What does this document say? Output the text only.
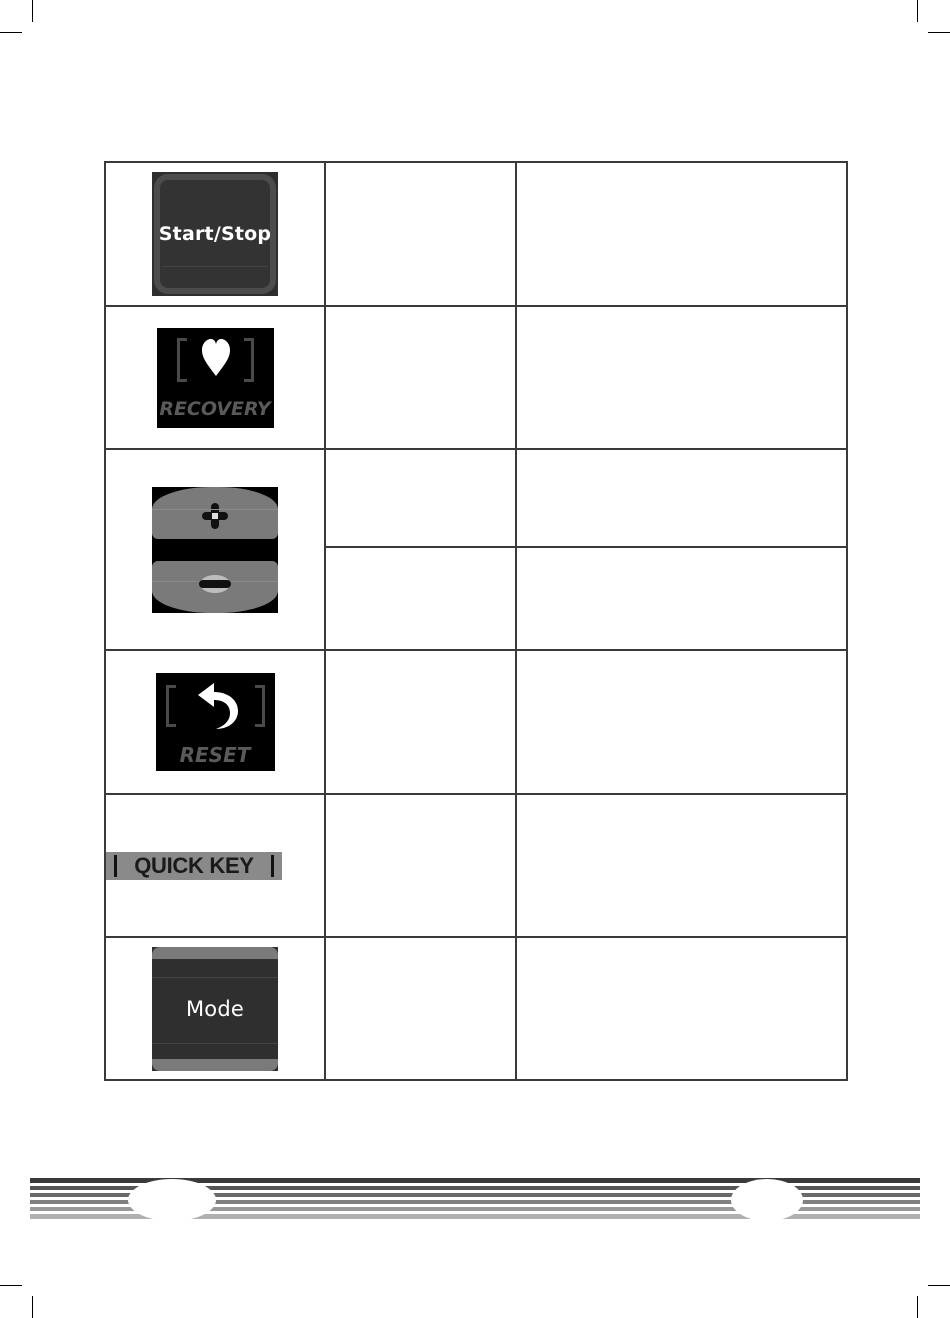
Start/Stop		

RECOVERY		

RESET		

QUICK KEY		

Mode		
